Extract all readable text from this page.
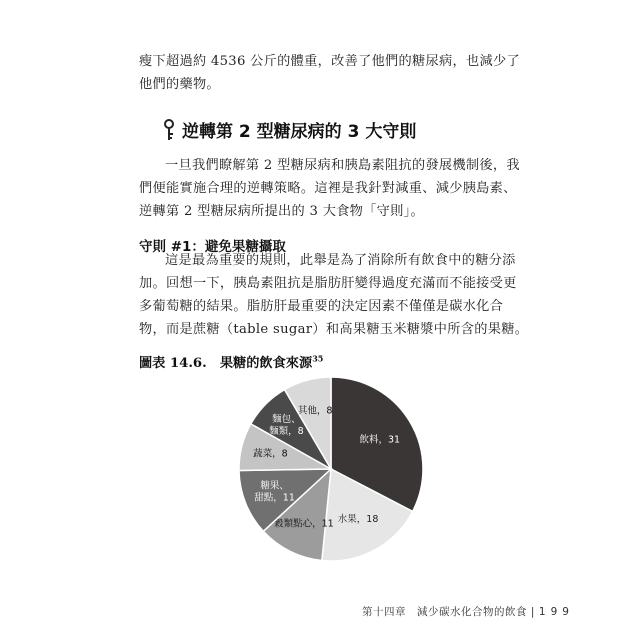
瘦下超過約 4536 公斤的體重，改善了他們的糖尿病，也減少了他們的藥物。

逆轉第 2 型糖尿病的 3 大守則

一旦我們瞭解第 2 型糖尿病和胰島素阻抗的發展機制後，我們便能實施合理的逆轉策略。這裡是我針對減重、減少胰島素、逆轉第 2 型糖尿病所提出的 3 大食物「守則」。

守則 #1：避免果糖攝取

這是最為重要的規則，此舉是為了消除所有飲食中的糖分添加。回想一下，胰島素阻抗是脂肪肝變得過度充滿而不能接受更多葡萄糖的結果。脂肪肝最重要的決定因素不僅僅是碳水化合物，而是蔗糖（table sugar）和高果糖玉米糖漿中所含的果糖。

圖表 14.6.　果糖的飲食來源$^{35}$

飲料，31
水果，18
穀類點心，11
糖果、甜點，11
蔬菜，8
麵包、麵類，8
其他，8

第十四章　減少碳水化合物的飲食 | 199
